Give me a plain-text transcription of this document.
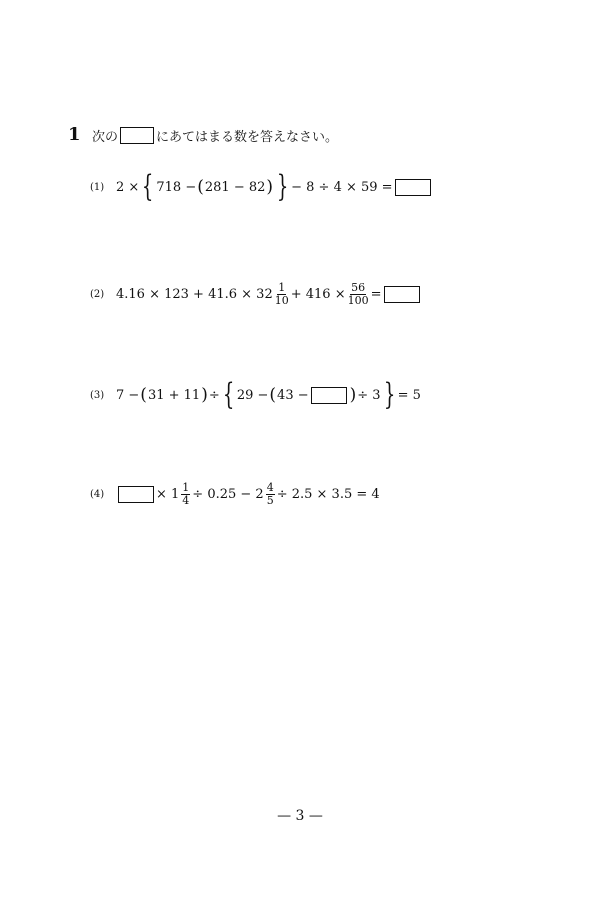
1 次の	にあてはまる数を答えなさい。
(1) 2 × { 718 − ( 281 − 82 ) } − 8 ÷ 4 × 59 =
(2) $4.16 \times 123 + 41.6 \times 32 \frac{1}{10} + 416 \times \frac{56}{100}$ =
(3) 7 − ( 31 + 11 ) ÷ { 29 − ( 43 − ) ÷ 3 } = 5
(4)	× $1 \frac{1}{4} \div 0.25 - 2 \frac{4}{5} \div 2.5 \times 3.5 = 4$
— 3 —
